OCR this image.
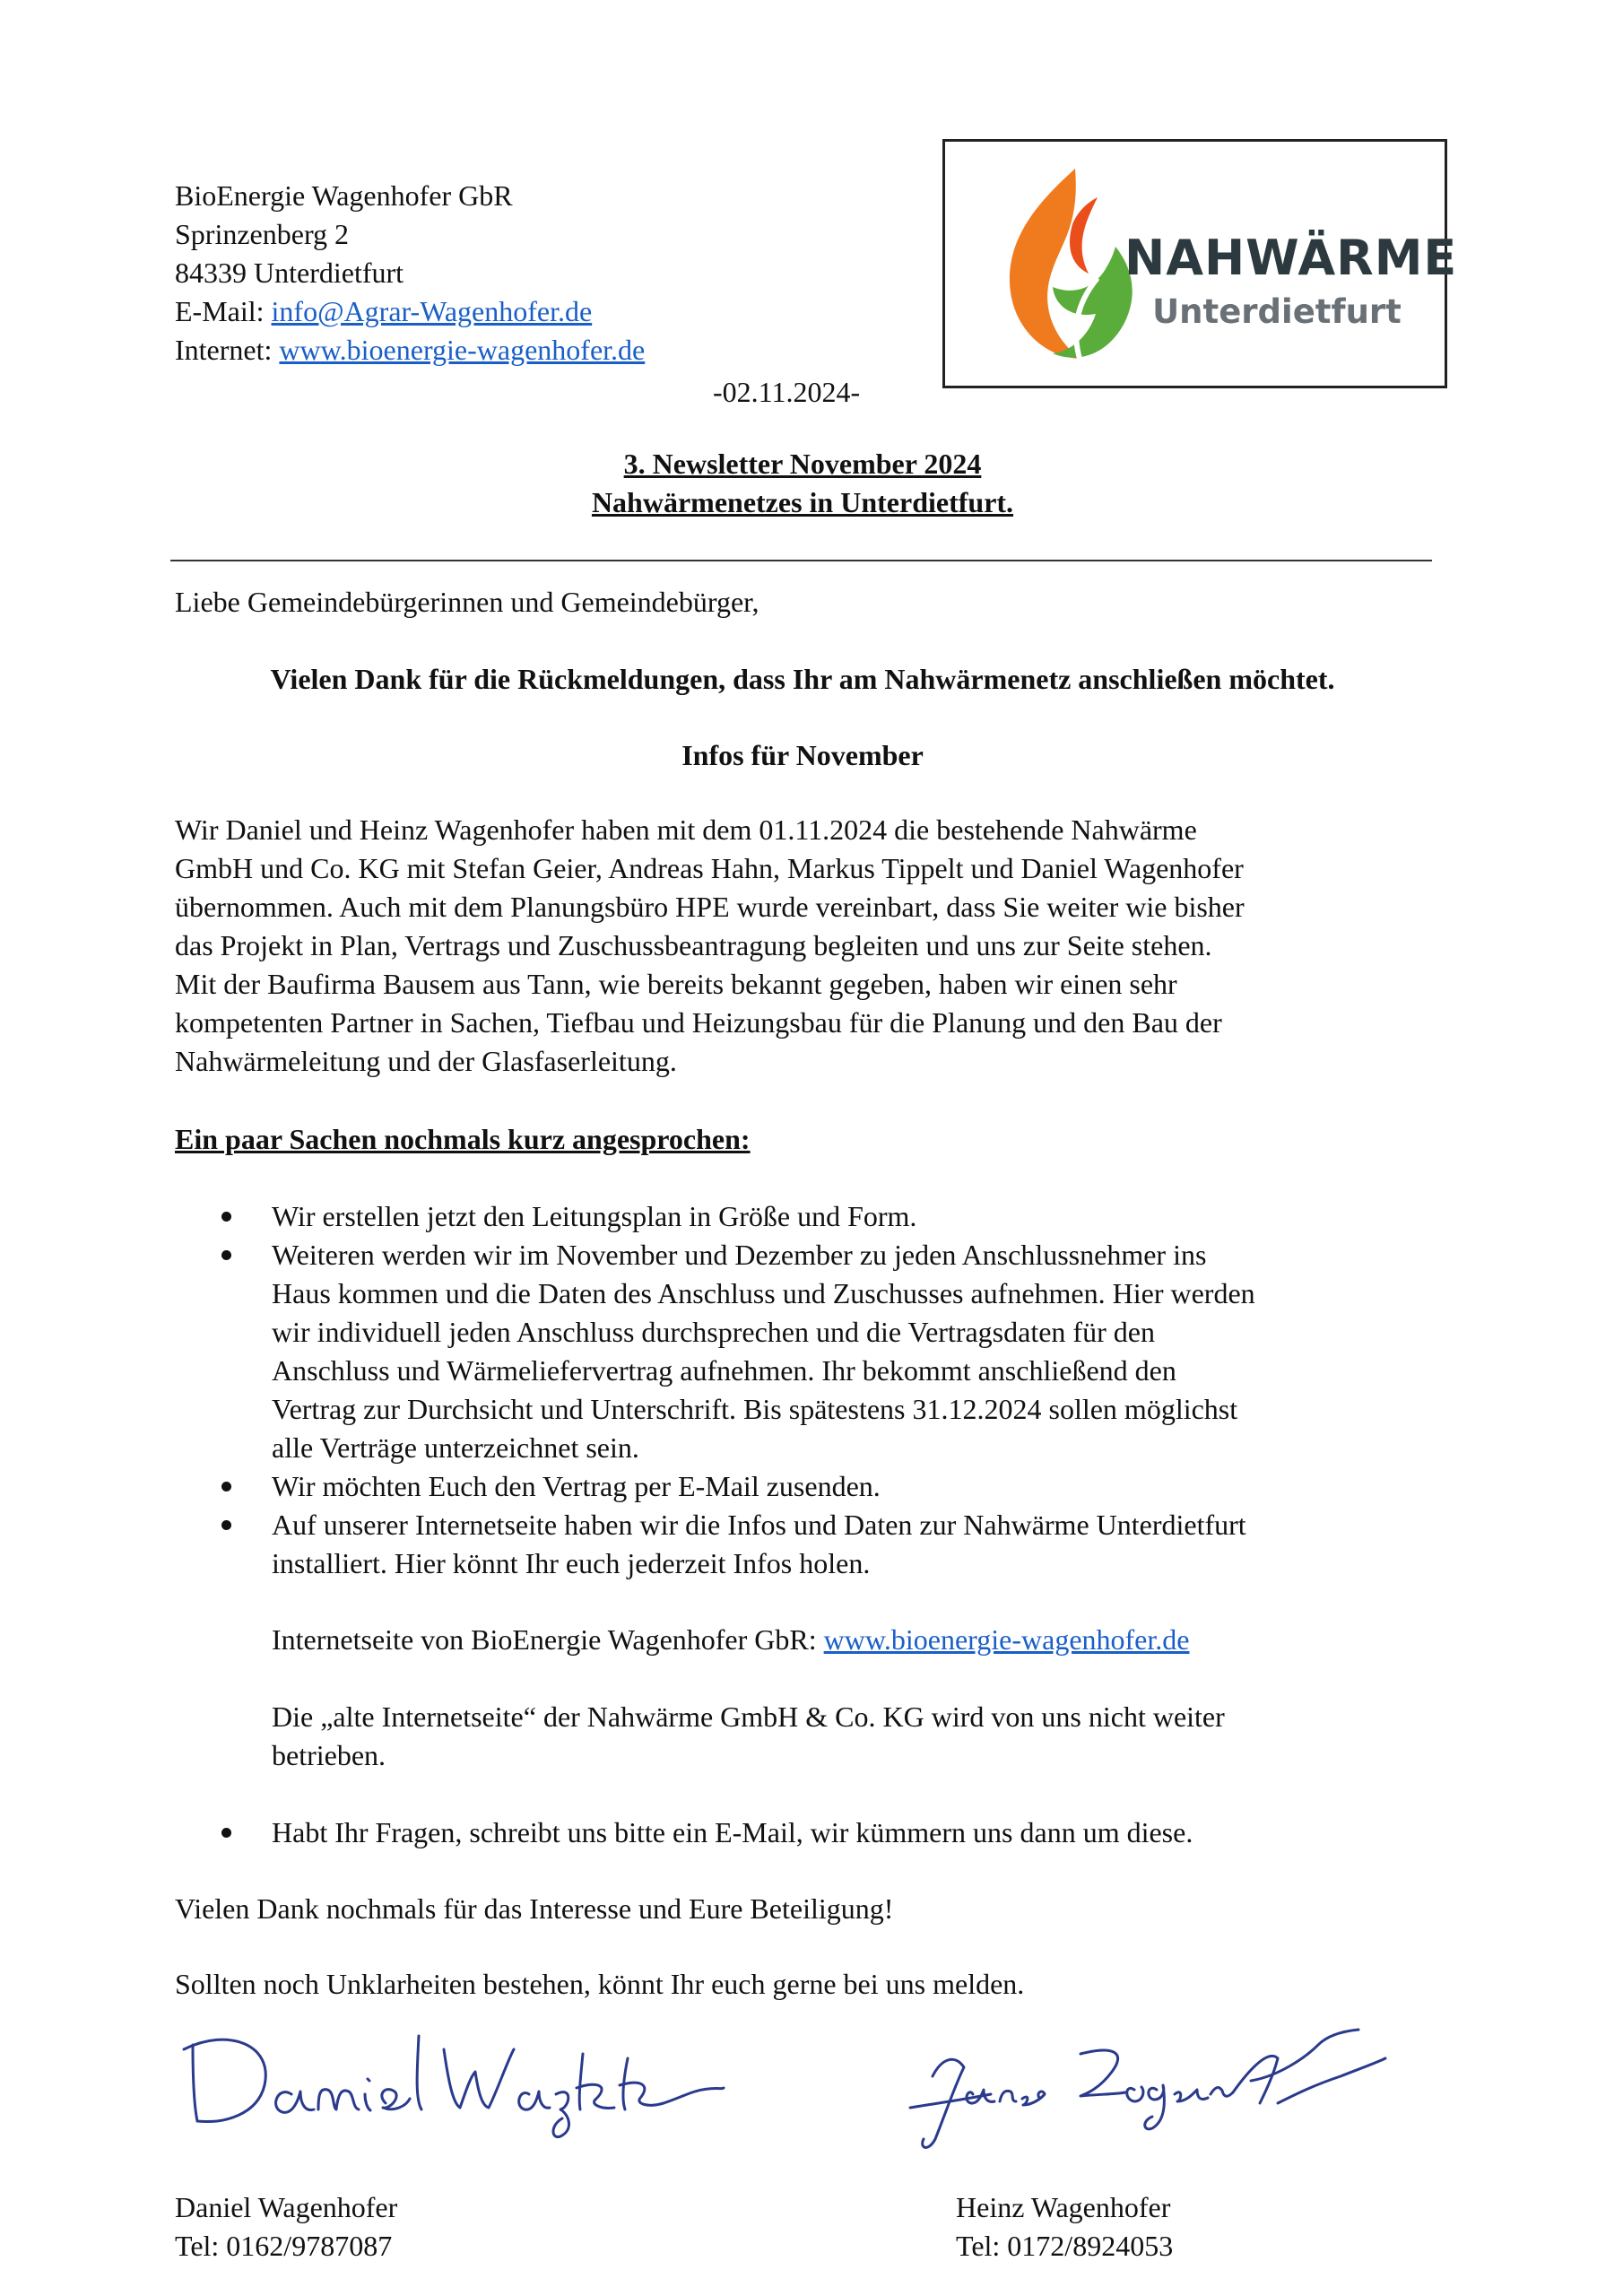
BioEnergie Wagenhofer GbR
Sprinzenberg 2
84339 Unterdietfurt
E-Mail: info@Agrar-Wagenhofer.de
Internet: www.bioenergie-wagenhofer.de
-02.11.2024-
NAHWÄRME
Unterdietfurt
3. Newsletter November 2024
Nahwärmenetzes in Unterdietfurt.
Liebe Gemeindebürgerinnen und Gemeindebürger,
Vielen Dank für die Rückmeldungen, dass Ihr am Nahwärmenetz anschließen möchtet.
Infos für November
Wir Daniel und Heinz Wagenhofer haben mit dem 01.11.2024 die bestehende Nahwärme
GmbH und Co. KG mit Stefan Geier, Andreas Hahn, Markus Tippelt und Daniel Wagenhofer
übernommen. Auch mit dem Planungsbüro HPE wurde vereinbart, dass Sie weiter wie bisher
das Projekt in Plan, Vertrags und Zuschussbeantragung begleiten und uns zur Seite stehen.
Mit der Baufirma Bausem aus Tann, wie bereits bekannt gegeben, haben wir einen sehr
kompetenten Partner in Sachen, Tiefbau und Heizungsbau für die Planung und den Bau der
Nahwärmeleitung und der Glasfaserleitung.
Ein paar Sachen nochmals kurz angesprochen:
Wir erstellen jetzt den Leitungsplan in Größe und Form.
Weiteren werden wir im November und Dezember zu jeden Anschlussnehmer ins
Haus kommen und die Daten des Anschluss und Zuschusses aufnehmen. Hier werden
wir individuell jeden Anschluss durchsprechen und die Vertragsdaten für den
Anschluss und Wärmeliefervertrag aufnehmen. Ihr bekommt anschließend den
Vertrag zur Durchsicht und Unterschrift. Bis spätestens 31.12.2024 sollen möglichst
alle Verträge unterzeichnet sein.
Wir möchten Euch den Vertrag per E-Mail zusenden.
Auf unserer Internetseite haben wir die Infos und Daten zur Nahwärme Unterdietfurt
installiert. Hier könnt Ihr euch jederzeit Infos holen.
Internetseite von BioEnergie Wagenhofer GbR: www.bioenergie-wagenhofer.de
Die „alte Internetseite“ der Nahwärme GmbH & Co. KG wird von uns nicht weiter
betrieben.
Habt Ihr Fragen, schreibt uns bitte ein E-Mail, wir kümmern uns dann um diese.
Vielen Dank nochmals für das Interesse und Eure Beteiligung!
Sollten noch Unklarheiten bestehen, könnt Ihr euch gerne bei uns melden.
Daniel Wagenhofer
Tel: 0162/9787087
Heinz Wagenhofer
Tel: 0172/8924053
